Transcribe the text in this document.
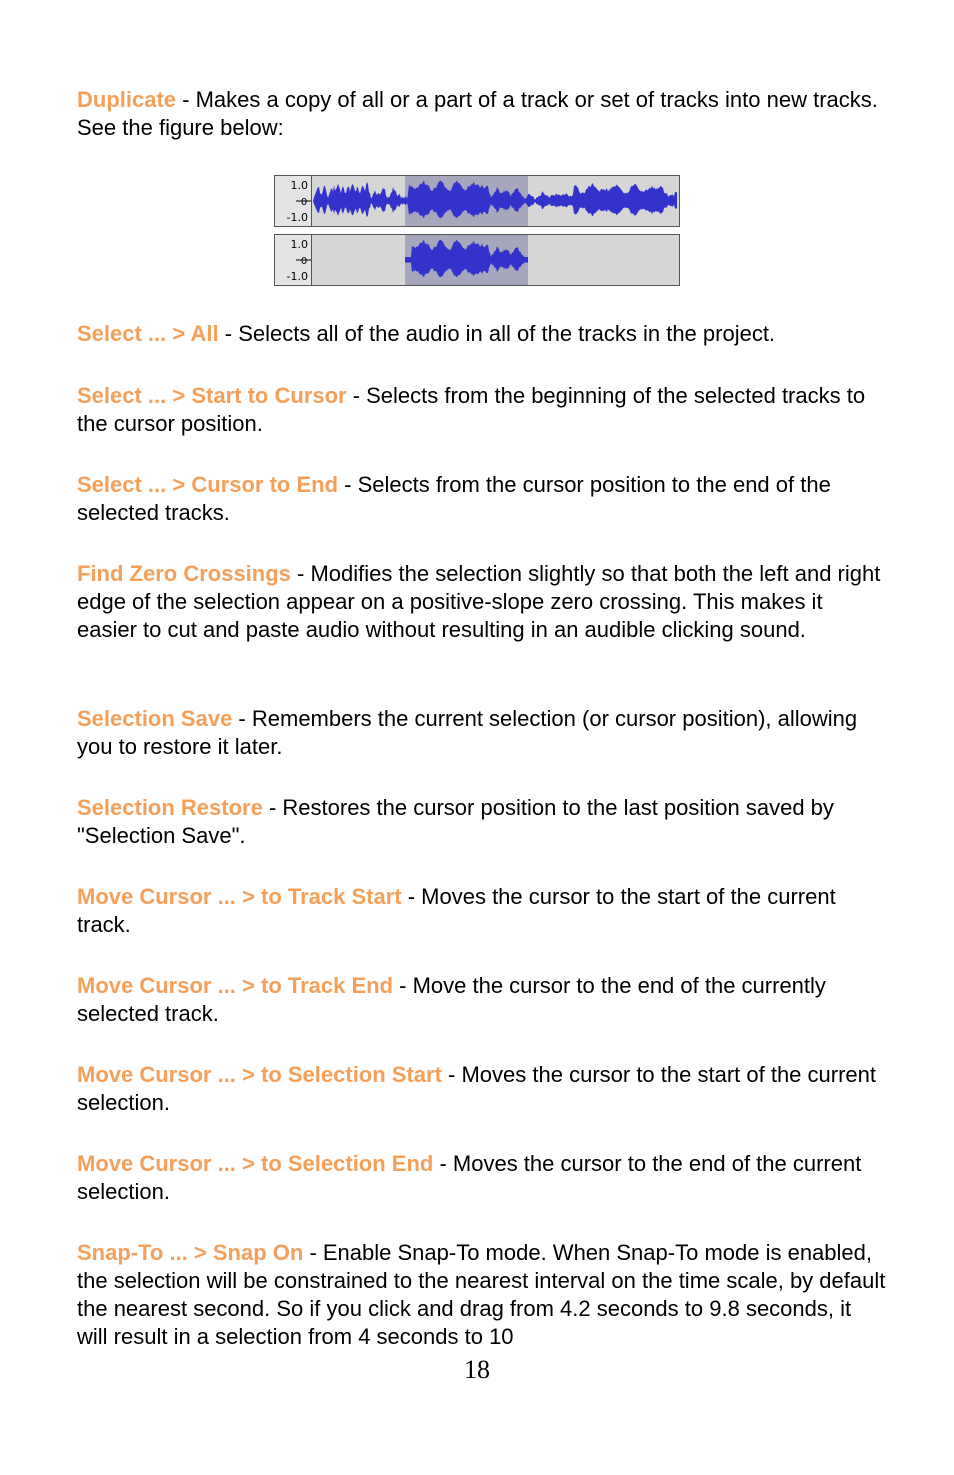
Duplicate - Makes a copy of all or a part of a track or set of tracks into new tracks. See the figure below:

1.0
0
-1.0
1.0
0
-1.0

Select ... > All - Selects all of the audio in all of the tracks in the project.

Select ... > Start to Cursor - Selects from the beginning of the selected tracks to the cursor position.

Select ... > Cursor to End - Selects from the cursor position to the end of the selected tracks.

Find Zero Crossings - Modifies the selection slightly so that both the left and right edge of the selection appear on a positive-slope zero crossing. This makes it easier to cut and paste audio without resulting in an audible clicking sound.

Selection Save - Remembers the current selection (or cursor position), allowing you to restore it later.

Selection Restore - Restores the cursor position to the last position saved by "Selection Save".

Move Cursor ... > to Track Start - Moves the cursor to the start of the current track.

Move Cursor ... > to Track End - Move the cursor to the end of the currently selected track.

Move Cursor ... > to Selection Start - Moves the cursor to the start of the current selection.

Move Cursor ... > to Selection End - Moves the cursor to the end of the current selection.

Snap-To ... > Snap On - Enable Snap-To mode. When Snap-To mode is enabled, the selection will be constrained to the nearest interval on the time scale, by default the nearest second. So if you click and drag from 4.2 seconds to 9.8 seconds, it will result in a selection from 4 seconds to 10

18
